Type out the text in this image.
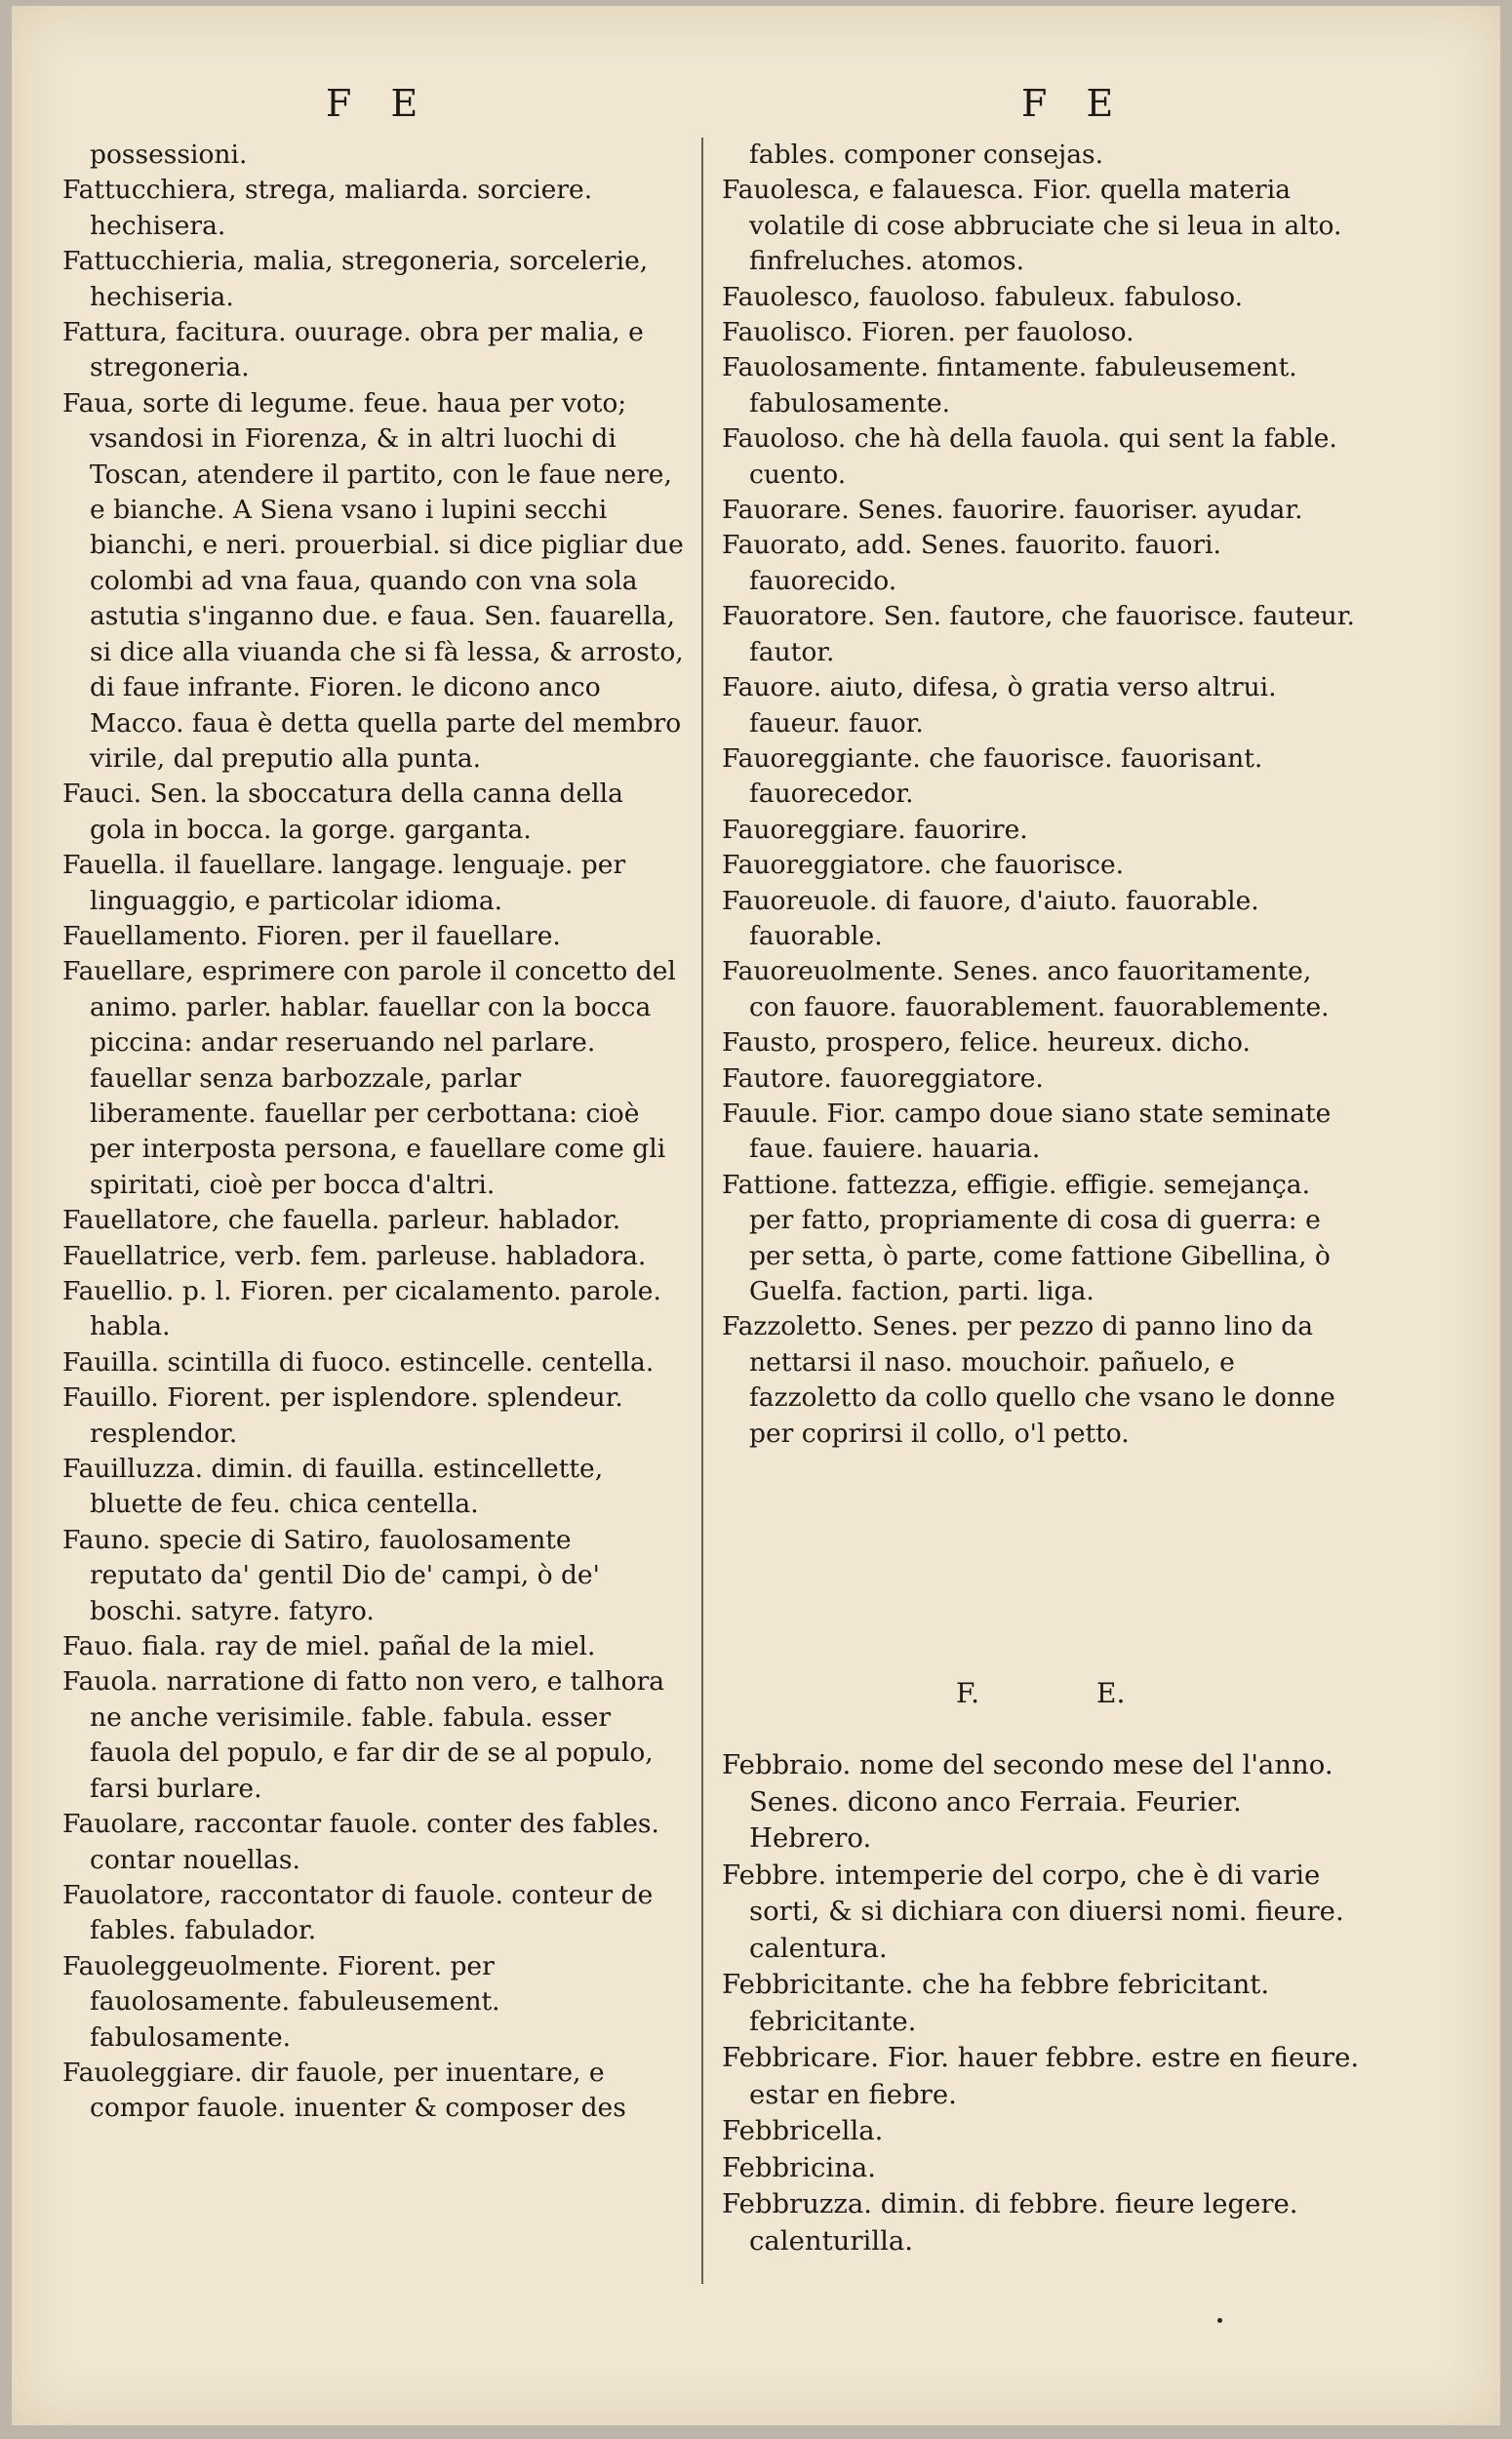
F E	F E

possessioni.

Fattucchiera, strega, maliarda. sorciere. hechisera.

Fattucchieria, malia, stregoneria, sorcelerie, hechiseria.

Fattura, facitura. ouurage. obra per malia, e stregoneria.

Faua, sorte di legume. feue. haua per voto; vsandosi in Fiorenza, & in altri luochi di Toscan, atendere il partito, con le faue nere, e bianche. A Siena vsano i lupini secchi bianchi, e neri. prouerbial. si dice pigliar due colombi ad vna faua, quando con vna sola astutia s'inganno due. e faua. Sen. fauarella, si dice alla viuanda che si fà lessa, & arrosto, di faue infrante. Fioren. le dicono anco Macco. faua è detta quella parte del membro virile, dal preputio alla punta.

Fauci. Sen. la sboccatura della canna della gola in bocca. la gorge. garganta.

Fauella. il fauellare. langage. lenguaje. per linguaggio, e particolar idioma.

Fauellamento. Fioren. per il fauellare.

Fauellare, esprimere con parole il concetto del animo. parler. hablar. fauellar con la bocca piccina: andar reseruando nel parlare. fauellar senza barbozzale, parlar liberamente. fauellar per cerbottana: cioè per interposta persona, e fauellare come gli spiritati, cioè per bocca d'altri.

Fauellatore, che fauella. parleur. hablador.

Fauellatrice, verb. fem. parleuse. habladora.

Fauellio. p. l. Fioren. per cicalamento. parole. habla.

Fauilla. scintilla di fuoco. estincelle. centella.

Fauillo. Fiorent. per isplendore. splendeur. resplendor.

Fauilluzza. dimin. di fauilla. estincellette, bluette de feu. chica centella.

Fauno. specie di Satiro, fauolosamente reputato da' gentil Dio de' campi, ò de' boschi. satyre. fatyro.

Fauo. fiala. ray de miel. pañal de la miel.

Fauola. narratione di fatto non vero, e talhora ne anche verisimile. fable. fabula. esser fauola del populo, e far dir de se al populo, farsi burlare.

Fauolare, raccontar fauole. conter des fables. contar nouellas.

Fauolatore, raccontator di fauole. conteur de fables. fabulador.

Fauoleggeuolmente. Fiorent. per fauolosamente. fabuleusement. fabulosamente.

Fauoleggiare. dir fauole, per inuentare, e compor fauole. inuenter & composer des

fables. componer consejas.

Fauolesca, e falauesca. Fior. quella materia volatile di cose abbruciate che si leua in alto. finfreluches. atomos.

Fauolesco, fauoloso. fabuleux. fabuloso.

Fauolisco. Fioren. per fauoloso.

Fauolosamente. fintamente. fabuleusement. fabulosamente.

Fauoloso. che hà della fauola. qui sent la fable. cuento.

Fauorare. Senes. fauorire. fauoriser. ayudar.

Fauorato, add. Senes. fauorito. fauori. fauorecido.

Fauoratore. Sen. fautore, che fauorisce. fauteur. fautor.

Fauore. aiuto, difesa, ò gratia verso altrui. faueur. fauor.

Fauoreggiante. che fauorisce. fauorisant. fauorecedor.

Fauoreggiare. fauorire.

Fauoreggiatore. che fauorisce.

Fauoreuole. di fauore, d'aiuto. fauorable. fauorable.

Fauoreuolmente. Senes. anco fauoritamente, con fauore. fauorablement. fauorablemente.

Fausto, prospero, felice. heureux. dicho.

Fautore. fauoreggiatore.

Fauule. Fior. campo doue siano state seminate faue. fauiere. hauaria.

Fattione. fattezza, effigie. effigie. semejança. per fatto, propriamente di cosa di guerra: e per setta, ò parte, come fattione Gibellina, ò Guelfa. faction, parti. liga.

Fazzoletto. Senes. per pezzo di panno lino da nettarsi il naso. mouchoir. pañuelo, e fazzoletto da collo quello che vsano le donne per coprirsi il collo, o'l petto.

F.	E.

Febbraio. nome del secondo mese del l'anno. Senes. dicono anco Ferraia. Feurier. Hebrero.

Febbre. intemperie del corpo, che è di varie sorti, & si dichiara con diuersi nomi. fieure. calentura.

Febbricitante. che ha febbre febricitant. febricitante.

Febbricare. Fior. hauer febbre. estre en fieure. estar en fiebre.

Febbricella.

Febbricina.

Febbruzza. dimin. di febbre. fieure legere. calenturilla.
